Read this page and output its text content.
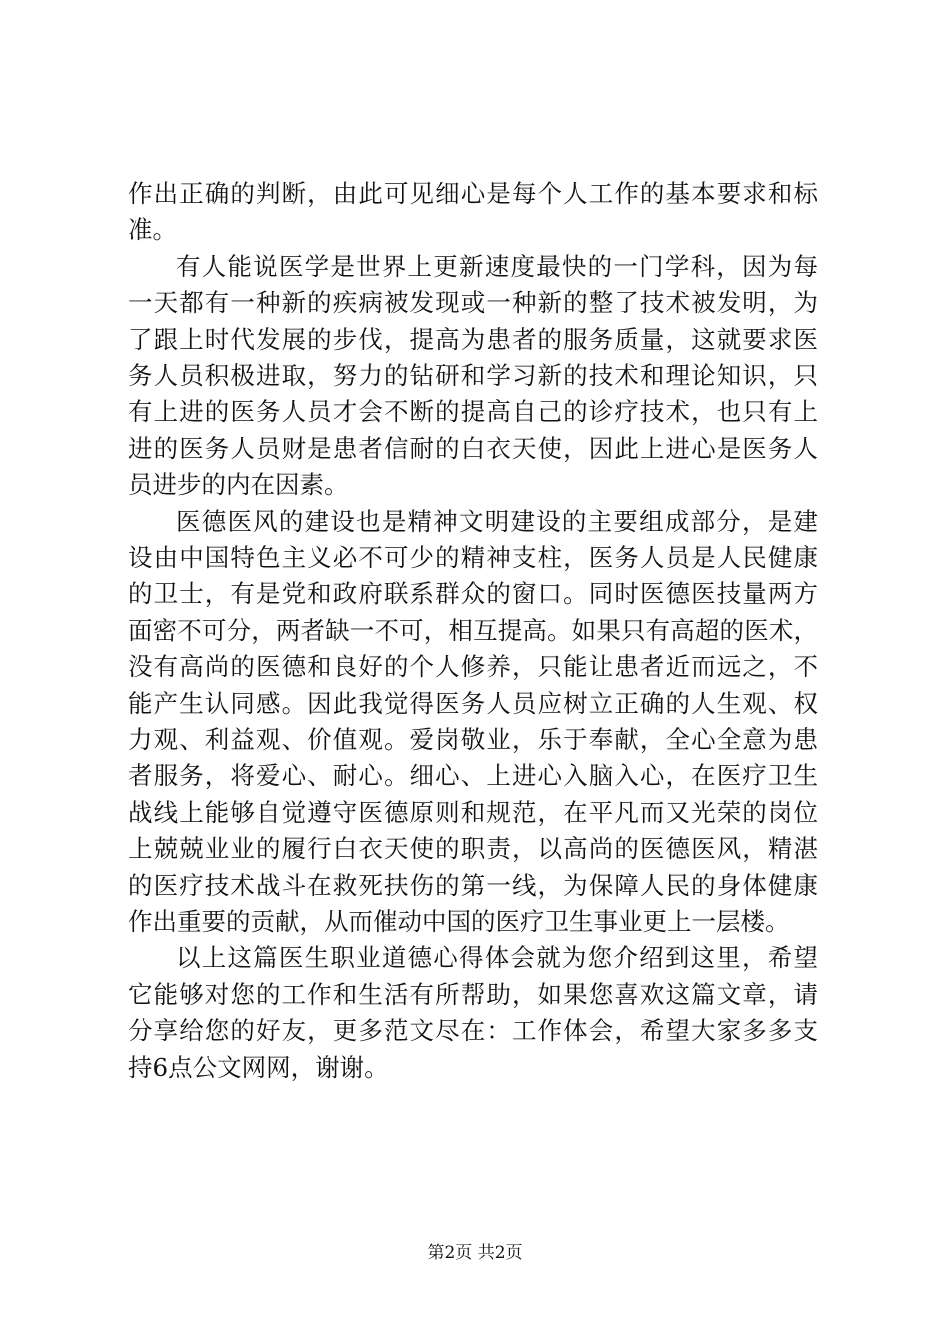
作出正确的判断，由此可见细心是每个人工作的基本要求和标
准。
有人能说医学是世界上更新速度最快的一门学科，因为每
一天都有一种新的疾病被发现或一种新的整了技术被发明，为
了跟上时代发展的步伐，提高为患者的服务质量，这就要求医
务人员积极进取，努力的钻研和学习新的技术和理论知识，只
有上进的医务人员才会不断的提高自己的诊疗技术，也只有上
进的医务人员财是患者信耐的白衣天使，因此上进心是医务人
员进步的内在因素。
医德医风的建设也是精神文明建设的主要组成部分，是建
设由中国特色主义必不可少的精神支柱，医务人员是人民健康
的卫士，有是党和政府联系群众的窗口。同时医德医技量两方
面密不可分，两者缺一不可，相互提高。如果只有高超的医术，
没有高尚的医德和良好的个人修养，只能让患者近而远之，不
能产生认同感。因此我觉得医务人员应树立正确的人生观、权
力观、利益观、价值观。爱岗敬业，乐于奉献，全心全意为患
者服务，将爱心、耐心。细心、上进心入脑入心，在医疗卫生
战线上能够自觉遵守医德原则和规范，在平凡而又光荣的岗位
上兢兢业业的履行白衣天使的职责，以高尚的医德医风，精湛
的医疗技术战斗在救死扶伤的第一线，为保障人民的身体健康
作出重要的贡献，从而催动中国的医疗卫生事业更上一层楼。
以上这篇医生职业道德心得体会就为您介绍到这里，希望
它能够对您的工作和生活有所帮助，如果您喜欢这篇文章，请
分享给您的好友，更多范文尽在：工作体会，希望大家多多支
持6点公文网网，谢谢。
第2页 共2页
